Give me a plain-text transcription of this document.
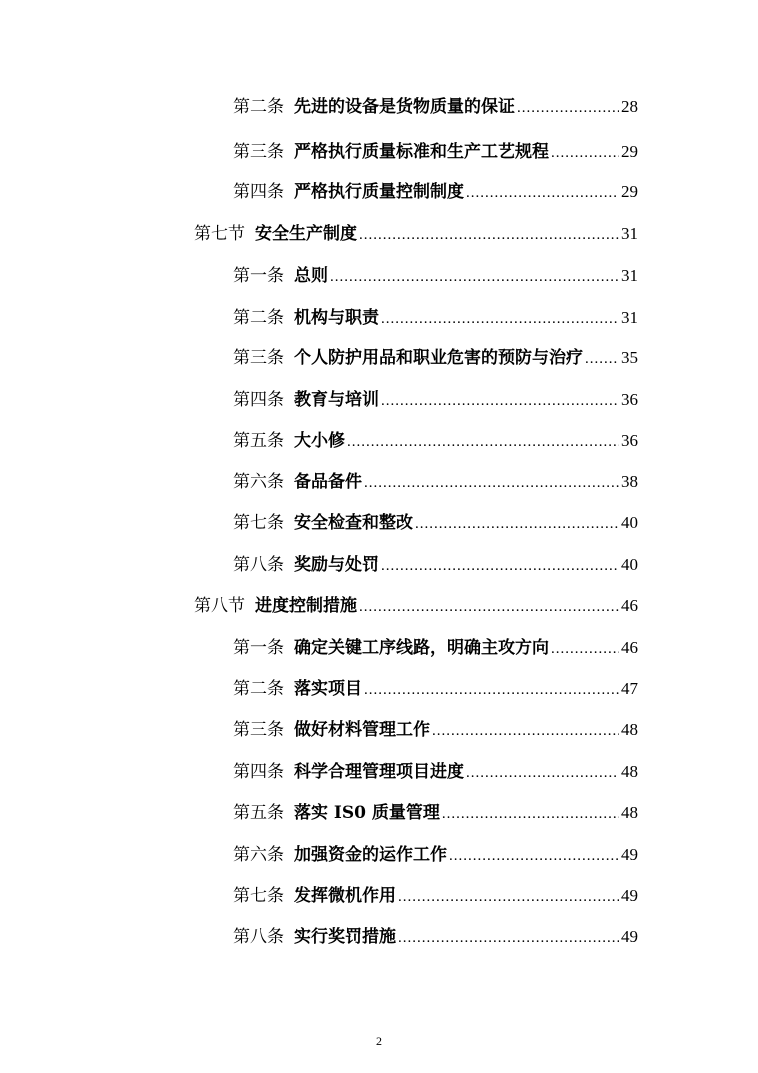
第二条 先进的设备是货物质量的保证 .....	28
第三条 严格执行质量标准和生产工艺规程 .....	29
第四条 严格执行质量控制制度 .....	29
第七节 安全生产制度 .....	31
第一条 总则 .....	31
第二条 机构与职责 .....	31
第三条 个人防护用品和职业危害的预防与治疗 ..... 35
第四条 教育与培训 .....	36
第五条 大小修 .....	36
第六条 备品备件 .....	38
第七条 安全检查和整改 .....	40
第八条 奖励与处罚 .....	40
第八节 进度控制措施 .....	46
第一条 确定关键工序线路，明确主攻方向 .....	46
第二条 落实项目 .....	47
第三条 做好材料管理工作 .....	48
第四条 科学合理管理项目进度 .....	48
第五条 落实 IS0 质量管理 .....	48
第六条 加强资金的运作工作 .....	49
第七条 发挥微机作用 .....	49
第八条 实行奖罚措施 .....	49
2
